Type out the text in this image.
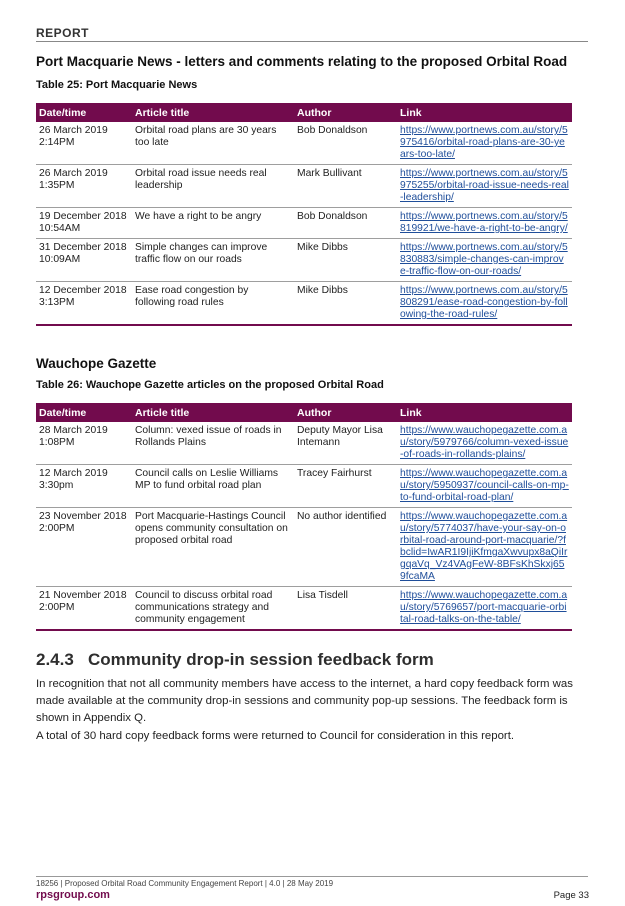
REPORT
Port Macquarie News - letters and comments relating to the proposed Orbital Road

Table 25: Port Macquarie News

Date/time	Article title	Author	Link

26 March 2019
2:14PM	Orbital road plans are 30 years too late	Bob Donaldson	https://www.portnews.com.au/story/5975416/orbital-road-plans-are-30-years-too-late/

26 March 2019
1:35PM	Orbital road issue needs real leadership	Mark Bullivant	https://www.portnews.com.au/story/5975255/orbital-road-issue-needs-real-leadership/

19 December 2018
10:54AM	We have a right to be angry	Bob Donaldson	https://www.portnews.com.au/story/5819921/we-have-a-right-to-be-angry/

31 December 2018
10:09AM	Simple changes can improve traffic flow on our roads	Mike Dibbs	https://www.portnews.com.au/story/5830883/simple-changes-can-improve-traffic-flow-on-our-roads/

12 December 2018
3:13PM	Ease road congestion by following road rules	Mike Dibbs	https://www.portnews.com.au/story/5808291/ease-road-congestion-by-following-the-road-rules/
Wauchope Gazette

Table 26: Wauchope Gazette articles on the proposed Orbital Road

Date/time	Article title	Author	Link

28 March 2019
1:08PM	Column: vexed issue of roads in Rollands Plains	Deputy Mayor Lisa Intemann	https://www.wauchopegazette.com.au/story/5979766/column-vexed-issue-of-roads-in-rollands-plains/

12 March 2019
3:30pm	Council calls on Leslie Williams MP to fund orbital road plan	Tracey Fairhurst	https://www.wauchopegazette.com.au/story/5950937/council-calls-on-mp-to-fund-orbital-road-plan/

23 November 2018
2:00PM	Port Macquarie-Hastings Council opens community consultation on proposed orbital road	No author identified	https://www.wauchopegazette.com.au/story/5774037/have-your-say-on-orbital-road-around-port-macquarie/?fbclid=IwAR1I9IjiKfmgaXwvupx8aQiIrgqaVq_Vz4VAgFeW-8BFsKhSkxj659fcaMA

21 November 2018
2:00PM	Council to discuss orbital road communications strategy and community engagement	Lisa Tisdell	https://www.wauchopegazette.com.au/story/5769657/port-macquarie-orbital-road-talks-on-the-table/
2.4.3 Community drop-in session feedback form

In recognition that not all community members have access to the internet, a hard copy feedback form was made available at the community drop-in sessions and community pop-up sessions. The feedback form is shown in Appendix Q.

A total of 30 hard copy feedback forms were returned to Council for consideration in this report.

18256 | Proposed Orbital Road Community Engagement Report | 4.0 | 28 May 2019
rpsgroup.com	Page 33
